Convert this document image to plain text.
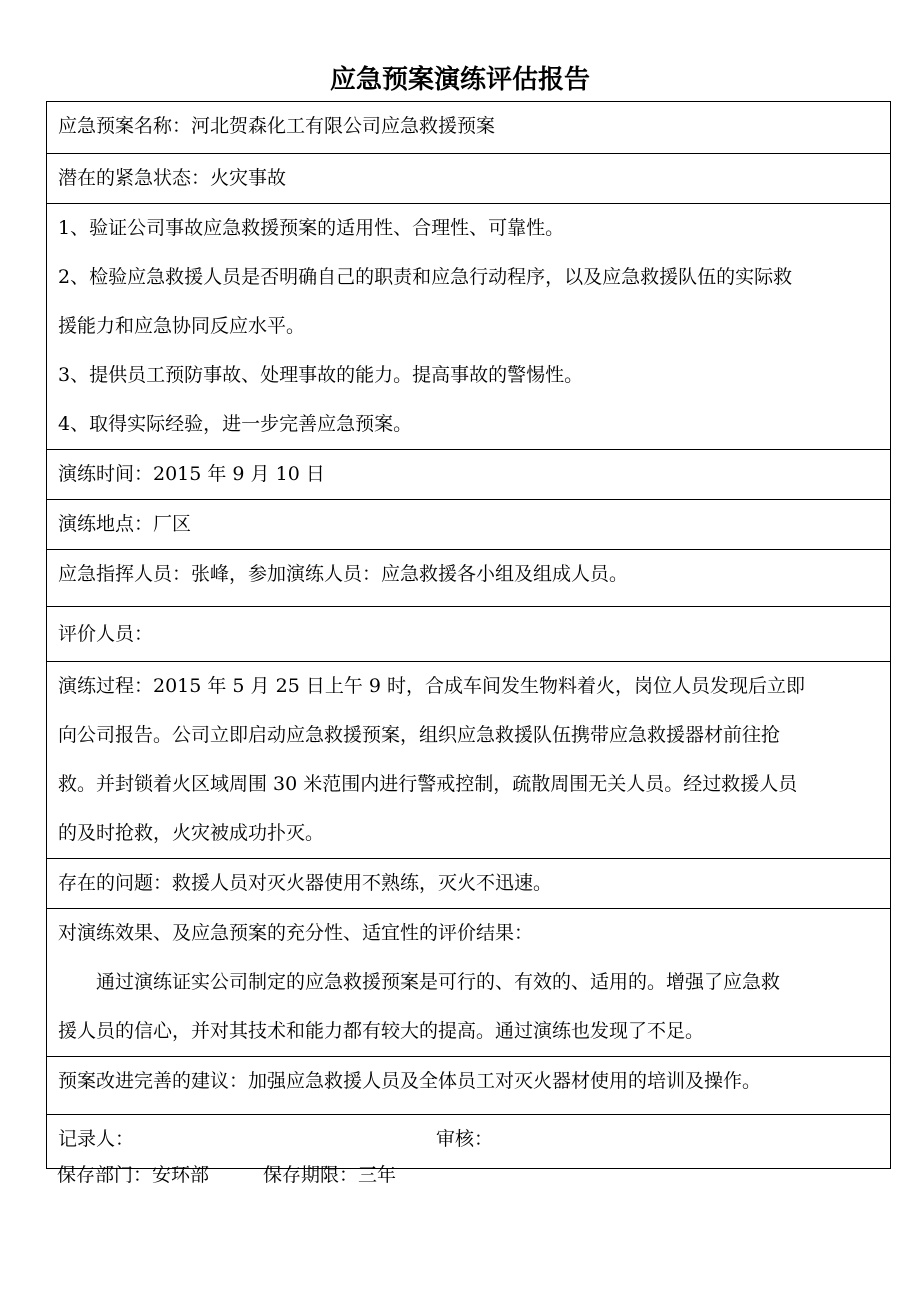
应急预案演练评估报告
应急预案名称：河北贺森化工有限公司应急救援预案

潜在的紧急状态：火灾事故

1、验证公司事故应急救援预案的适用性、合理性、可靠性。
2、检验应急救援人员是否明确自己的职责和应急行动程序，以及应急救援队伍的实际救
援能力和应急协同反应水平。
3、提供员工预防事故、处理事故的能力。提高事故的警惕性。
4、取得实际经验，进一步完善应急预案。

演练时间：2015 年 9 月 10 日

演练地点：厂区

应急指挥人员：张峰，参加演练人员：应急救援各小组及组成人员。

评价人员：

演练过程：2015 年 5 月 25 日上午 9 时，合成车间发生物料着火，岗位人员发现后立即
向公司报告。公司立即启动应急救援预案，组织应急救援队伍携带应急救援器材前往抢
救。并封锁着火区域周围 30 米范围内进行警戒控制，疏散周围无关人员。经过救援人员
的及时抢救，火灾被成功扑灭。

存在的问题：救援人员对灭火器使用不熟练，灭火不迅速。

对演练效果、及应急预案的充分性、适宜性的评价结果：
通过演练证实公司制定的应急救援预案是可行的、有效的、适用的。增强了应急救
援人员的信心，并对其技术和能力都有较大的提高。通过演练也发现了不足。

预案改进完善的建议：加强应急救援人员及全体员工对灭火器材使用的培训及操作。

记录人：	审核：
保存部门：安环部	保存期限：三年
